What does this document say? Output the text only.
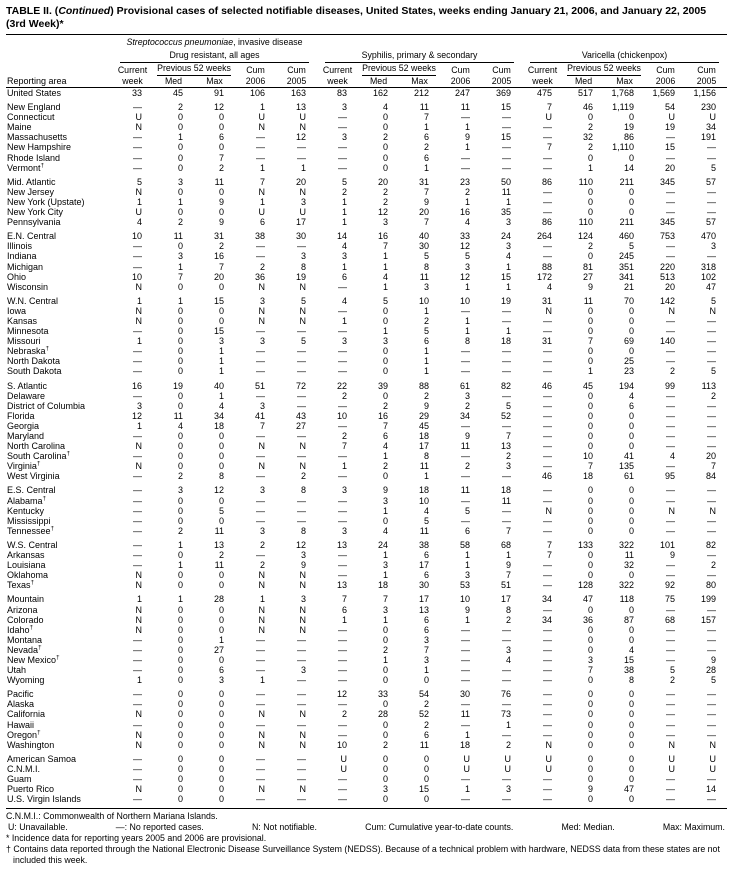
TABLE II. (Continued) Provisional cases of selected notifiable diseases, United States, weeks ending January 21, 2006, and January 22, 2005 (3rd Week)*
Reporting area	Streptococcus pneumoniae, invasive disease					Syphilis, primary & secondary					Varicella (chickenpox)				

	Drug resistant, all ages														

	Current	Previous 52 weeks		Cum	Cum	Current	Previous 52 weeks		Cum	Cum	Current	Previous 52 weeks		Cum	Cum
	week	Med	Max	2006	2005	week	Med	Max	2006	2005	week	Med	Max	2006	2005
United States	33	45	91	106	163	83	162	212	247	369	475	517	1,768	1,569	1,156
New England	—	2	12	1	13	3	4	11	11	15	7	46	1,119	54	230
Connecticut	U	0	0	U	U	—	0	7	—	—	U	0	0	U	U
Maine	N	0	0	N	N	—	0	1	1	—	—	2	19	19	34
Massachusetts	—	1	6	—	12	3	2	6	9	15	—	32	86	—	191
New Hampshire	—	0	0	—	—	—	0	2	1	—	7	2	1,110	15	—
Rhode Island	—	0	7	—	—	—	0	6	—	—	—	0	0	—	—
Vermont†	—	0	2	1	1	—	0	1	—	—	—	1	14	20	5
Mid. Atlantic	5	3	11	7	20	5	20	31	23	50	86	110	211	345	57
New Jersey	N	0	0	N	N	2	2	7	2	11	—	0	0	—	—
New York (Upstate)	1	1	9	1	3	1	2	9	1	1	—	0	0	—	—
New York City	U	0	0	U	U	1	12	20	16	35	—	0	0	—	—
Pennsylvania	4	2	9	6	17	1	3	7	4	3	86	110	211	345	57
E.N. Central	10	11	31	38	30	14	16	40	33	24	264	124	460	753	470
Illinois	—	0	2	—	—	4	7	30	12	3	—	2	5	—	3
Indiana	—	3	16	—	3	3	1	5	5	4	—	0	245	—	—
Michigan	—	1	7	2	8	1	1	8	3	1	88	81	351	220	318
Ohio	10	7	20	36	19	6	4	11	12	15	172	27	341	513	102
Wisconsin	N	0	0	N	N	—	1	3	1	1	4	9	21	20	47
W.N. Central	1	1	15	3	5	4	5	10	10	19	31	11	70	142	5
Iowa	N	0	0	N	N	—	0	1	—	—	N	0	0	N	N
Kansas	N	0	0	N	N	1	0	2	1	—	—	0	0	—	—
Minnesota	—	0	15	—	—	—	1	5	1	1	—	0	0	—	—
Missouri	1	0	3	3	5	3	3	6	8	18	31	7	69	140	—
Nebraska†	—	0	1	—	—	—	0	1	—	—	—	0	0	—	—
North Dakota	—	0	1	—	—	—	0	1	—	—	—	0	25	—	—
South Dakota	—	0	1	—	—	—	0	1	—	—	—	1	23	2	5
S. Atlantic	16	19	40	51	72	22	39	88	61	82	46	45	194	99	113
Delaware	—	0	1	—	—	2	0	2	3	—	—	0	4	—	2
District of Columbia	3	0	4	3	—	—	2	9	2	5	—	0	6	—	—
Florida	12	11	34	41	43	10	16	29	34	52	—	0	0	—	—
Georgia	1	4	18	7	27	—	7	45	—	—	—	0	0	—	—
Maryland	—	0	0	—	—	2	6	18	9	7	—	0	0	—	—
North Carolina	N	0	0	N	N	7	4	17	11	13	—	0	0	—	—
South Carolina†	—	0	0	—	—	—	1	8	—	2	—	10	41	4	20
Virginia†	N	0	0	N	N	1	2	11	2	3	—	7	135	—	7
West Virginia	—	2	8	—	2	—	0	1	—	—	46	18	61	95	84
E.S. Central	—	3	12	3	8	3	9	18	11	18	—	0	0	—	—
Alabama†	—	0	0	—	—	—	3	10	—	11	—	0	0	—	—
Kentucky	—	0	5	—	—	—	1	4	5	—	N	0	0	N	N
Mississippi	—	0	0	—	—	—	0	5	—	—	—	0	0	—	—
Tennessee†	—	2	11	3	8	3	4	11	6	7	—	0	0	—	—
W.S. Central	—	1	13	2	12	13	24	38	58	68	7	133	322	101	82
Arkansas	—	0	2	—	3	—	1	6	1	1	7	0	11	9	—
Louisiana	—	1	11	2	9	—	3	17	1	9	—	0	32	—	2
Oklahoma	N	0	0	N	N	—	1	6	3	7	—	0	0	—	—
Texas†	N	0	0	N	N	13	18	30	53	51	—	128	322	92	80
Mountain	1	1	28	1	3	7	7	17	10	17	34	47	118	75	199
Arizona	N	0	0	N	N	6	3	13	9	8	—	0	0	—	—
Colorado	N	0	0	N	N	1	1	6	1	2	34	36	87	68	157
Idaho†	N	0	0	N	N	—	0	6	—	—	—	0	0	—	—
Montana	—	0	1	—	—	—	0	3	—	—	—	0	0	—	—
Nevada†	—	0	27	—	—	—	2	7	—	3	—	0	4	—	—
New Mexico†	—	0	0	—	—	—	1	3	—	4	—	3	15	—	9
Utah	—	0	6	—	3	—	0	1	—	—	—	7	38	5	28
Wyoming	1	0	3	1	—	—	0	0	—	—	—	0	8	2	5
Pacific	—	0	0	—	—	12	33	54	30	76	—	0	0	—	—
Alaska	—	0	0	—	—	—	0	2	—	—	—	0	0	—	—
California	N	0	0	N	N	2	28	52	11	73	—	0	0	—	—
Hawaii	—	0	0	—	—	—	0	2	—	1	—	0	0	—	—
Oregon†	N	0	0	N	N	—	0	6	1	—	—	0	0	—	—
Washington	N	0	0	N	N	10	2	11	18	2	N	0	0	N	N
American Samoa	—	0	0	—	—	U	0	0	U	U	U	0	0	U	U
C.N.M.I.	—	0	0	—	—	U	0	0	U	U	U	0	0	U	U
Guam	—	0	0	—	—	—	0	0	—	—	—	0	0	—	—
Puerto Rico	N	0	0	N	N	—	3	15	1	3	—	9	47	—	14
U.S. Virgin Islands	—	0	0	—	—	—	0	0	—	—	—	0	0	—	—

C.N.M.I.: Commonwealth of Northern Mariana Islands.

U: Unavailable.	—: No reported cases.	N: Not notifiable.	Cum: Cumulative year-to-date counts.	Med: Median.	Max: Maximum.

* Incidence data for reporting years 2005 and 2006 are provisional.

† Contains data reported through the National Electronic Disease Surveillance System (NEDSS). Because of a technical problem with hardware, NEDSS data from these states are not included this week.
